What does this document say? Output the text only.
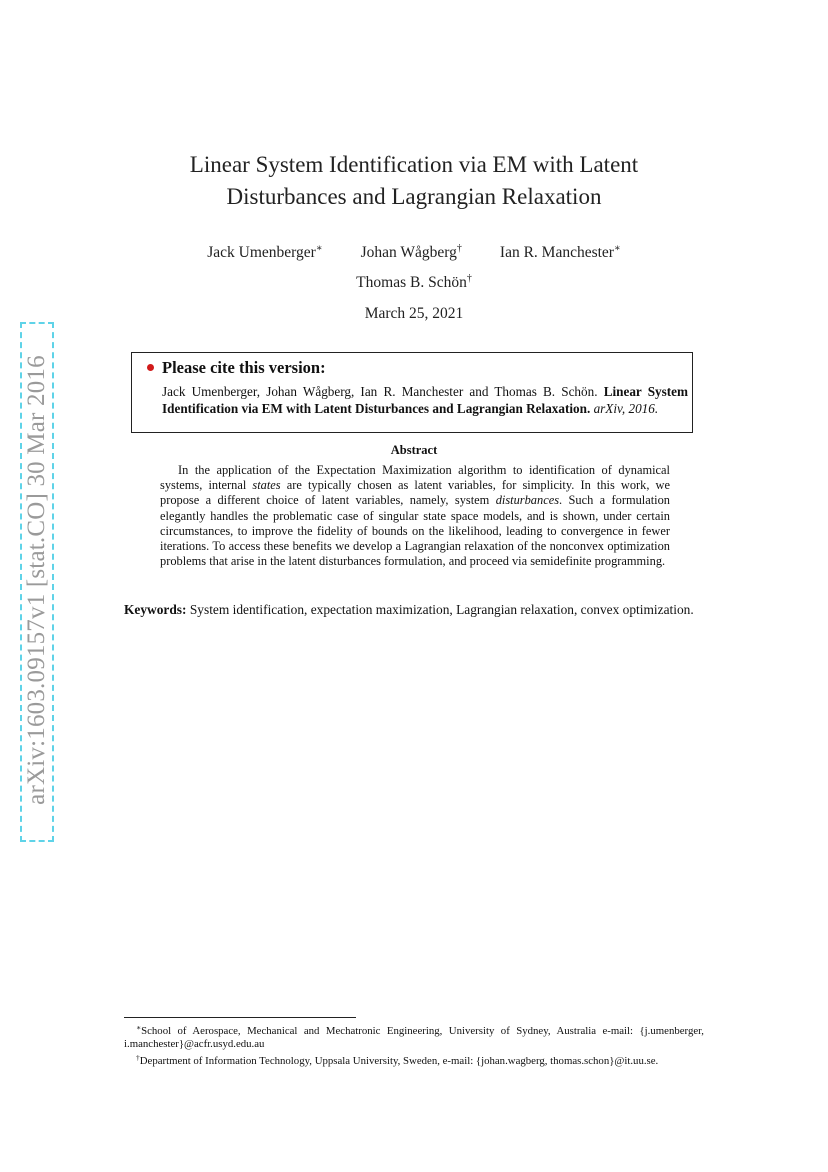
arXiv:1603.09157v1 [stat.CO] 30 Mar 2016
Linear System Identification via EM with Latent
Disturbances and Lagrangian Relaxation
Jack Umenberger∗ Johan Wågberg† Ian R. Manchester∗
Thomas B. Schön†
March 25, 2021
Please cite this version:
Jack Umenberger, Johan Wågberg, Ian R. Manchester and Thomas B. Schön. Linear System Identification via EM with Latent Disturbances and Lagrangian Relaxation. arXiv, 2016.
Abstract
In the application of the Expectation Maximization algorithm to identification of dynamical systems, internal states are typically chosen as latent variables, for simplicity. In this work, we propose a different choice of latent variables, namely, system disturbances. Such a formulation elegantly handles the problematic case of singular state space models, and is shown, under certain circumstances, to improve the fidelity of bounds on the likelihood, leading to convergence in fewer iterations. To access these benefits we develop a Lagrangian relaxation of the nonconvex optimization problems that arise in the latent disturbances formulation, and proceed via semidefinite programming.
Keywords: System identification, expectation maximization, Lagrangian relaxation, convex optimization.

∗School of Aerospace, Mechanical and Mechatronic Engineering, University of Sydney, Australia e-mail: {j.umenberger, i.manchester}@acfr.usyd.edu.au

†Department of Information Technology, Uppsala University, Sweden, e-mail: {johan.wagberg, thomas.schon}@it.uu.se.
